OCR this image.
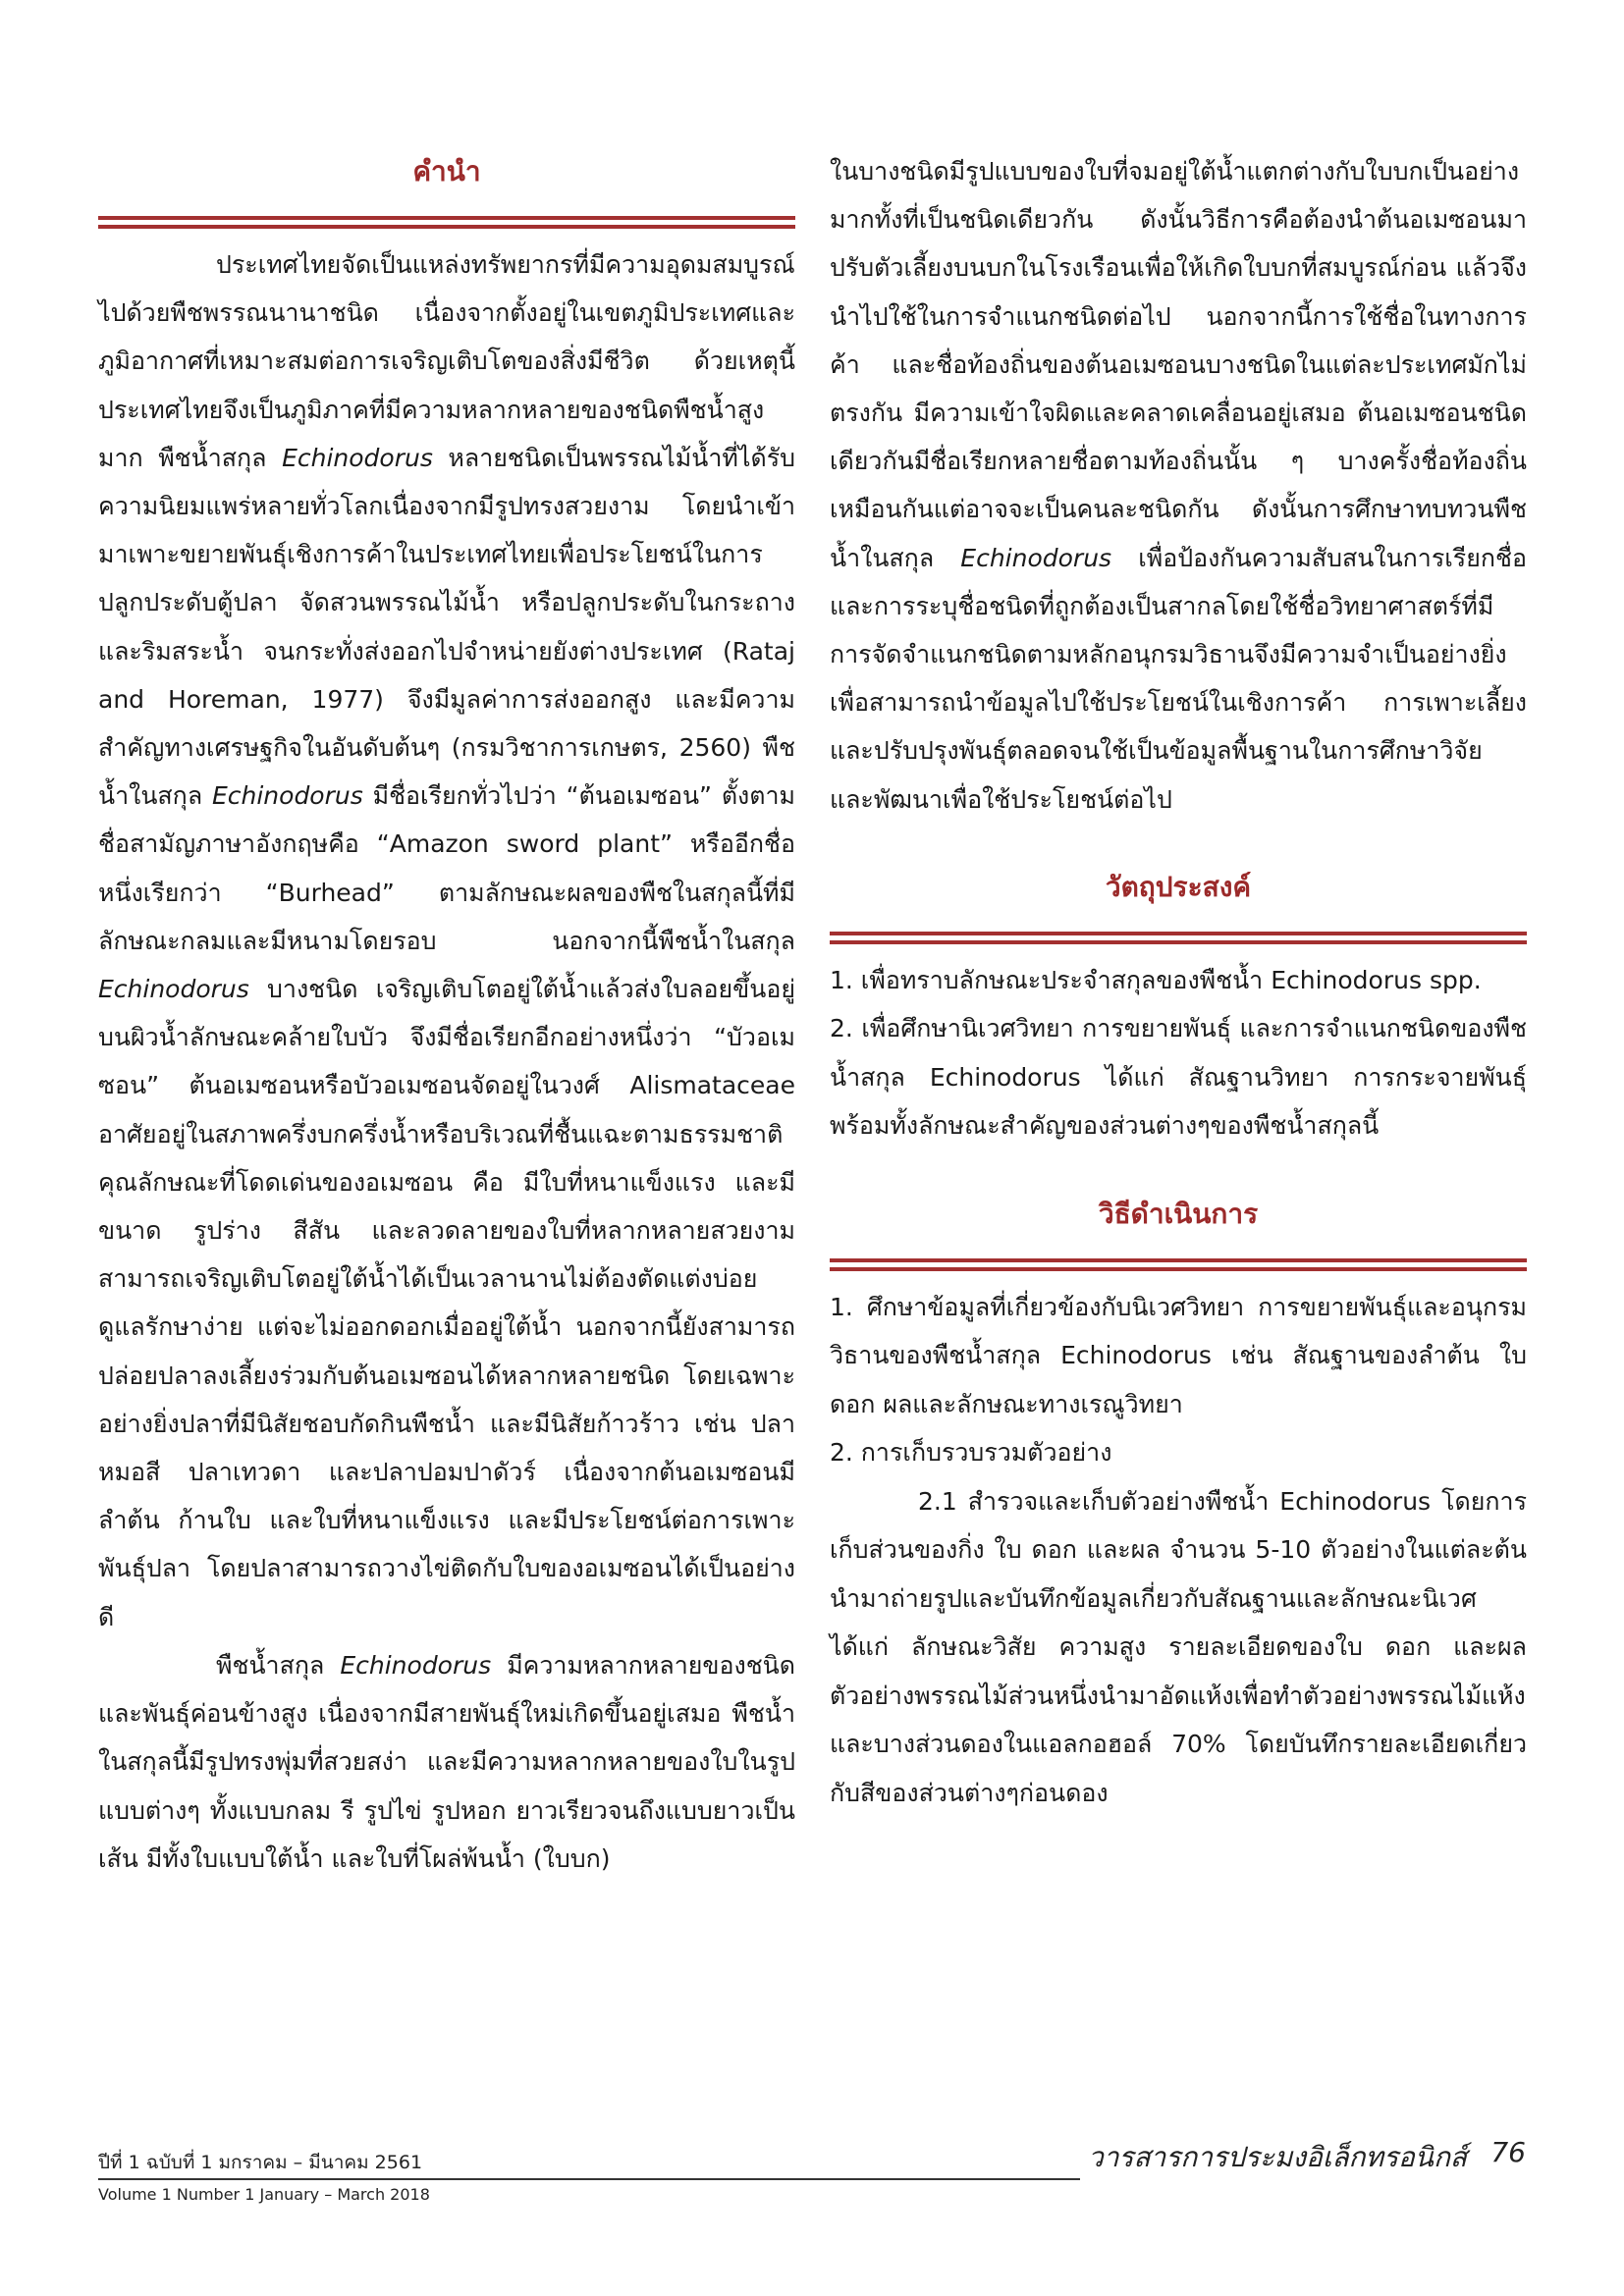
คำนำ

ประเทศไทยจัดเป็นแหล่งทรัพยากรที่มีความอุดมสมบูรณ์ไปด้วยพืชพรรณนานาชนิด เนื่องจากตั้งอยู่ในเขตภูมิประเทศและภูมิอากาศที่เหมาะสมต่อการเจริญเติบโตของสิ่งมีชีวิต ด้วยเหตุนี้ประเทศไทยจึงเป็นภูมิภาคที่มีความหลากหลายของชนิดพืชน้ำสูงมาก พืชน้ำสกุล Echinodorus หลายชนิดเป็นพรรณไม้น้ำที่ได้รับความนิยมแพร่หลายทั่วโลกเนื่องจากมีรูปทรงสวยงาม โดยนำเข้ามาเพาะขยายพันธุ์เชิงการค้าในประเทศไทยเพื่อประโยชน์ในการปลูกประดับตู้ปลา จัดสวนพรรณไม้น้ำ หรือปลูกประดับในกระถางและริมสระน้ำ จนกระทั่งส่งออกไปจำหน่ายยังต่างประเทศ (Rataj and Horeman, 1977) จึงมีมูลค่าการส่งออกสูง และมีความสำคัญทางเศรษฐกิจในอันดับต้นๆ (กรมวิชาการเกษตร, 2560) พืชน้ำในสกุล Echinodorus มีชื่อเรียกทั่วไปว่า “ต้นอเมซอน” ตั้งตามชื่อสามัญภาษาอังกฤษคือ “Amazon sword plant” หรืออีกชื่อหนึ่งเรียกว่า “Burhead” ตามลักษณะผลของพืชในสกุลนี้ที่มีลักษณะกลมและมีหนามโดยรอบ นอกจากนี้พืชน้ำในสกุล Echinodorus บางชนิด เจริญเติบโตอยู่ใต้น้ำแล้วส่งใบลอยขึ้นอยู่บนผิวน้ำลักษณะคล้ายใบบัว จึงมีชื่อเรียกอีกอย่างหนึ่งว่า “บัวอเมซอน” ต้นอเมซอนหรือบัวอเมซอนจัดอยู่ในวงศ์ Alismataceae อาศัยอยู่ในสภาพครึ่งบกครึ่งน้ำหรือบริเวณที่ชื้นแฉะตามธรรมชาติ คุณลักษณะที่โดดเด่นของอเมซอน คือ มีใบที่หนาแข็งแรง และมีขนาด รูปร่าง สีสัน และลวดลายของใบที่หลากหลายสวยงาม สามารถเจริญเติบโตอยู่ใต้น้ำได้เป็นเวลานานไม่ต้องตัดแต่งบ่อย ดูแลรักษาง่าย แต่จะไม่ออกดอกเมื่ออยู่ใต้น้ำ นอกจากนี้ยังสามารถปล่อยปลาลงเลี้ยงร่วมกับต้นอเมซอนได้หลากหลายชนิด โดยเฉพาะอย่างยิ่งปลาที่มีนิสัยชอบกัดกินพืชน้ำ และมีนิสัยก้าวร้าว เช่น ปลาหมอสี ปลาเทวดา และปลาปอมปาดัวร์ เนื่องจากต้นอเมซอนมีลำต้น ก้านใบ และใบที่หนาแข็งแรง และมีประโยชน์ต่อการเพาะพันธุ์ปลา โดยปลาสามารถวางไข่ติดกับใบของอเมซอนได้เป็นอย่างดี

พืชน้ำสกุล Echinodorus มีความหลากหลายของชนิดและพันธุ์ค่อนข้างสูง เนื่องจากมีสายพันธุ์ใหม่เกิดขึ้นอยู่เสมอ พืชน้ำในสกุลนี้มีรูปทรงพุ่มที่สวยสง่า และมีความหลากหลายของใบในรูปแบบต่างๆ ทั้งแบบกลม รี รูปไข่ รูปหอก ยาวเรียวจนถึงแบบยาวเป็นเส้น มีทั้งใบแบบใต้น้ำ และใบที่โผล่พ้นน้ำ (ใบบก)

ในบางชนิดมีรูปแบบของใบที่จมอยู่ใต้น้ำแตกต่างกับใบบกเป็นอย่างมากทั้งที่เป็นชนิดเดียวกัน ดังนั้นวิธีการคือต้องนำต้นอเมซอนมาปรับตัวเลี้ยงบนบกในโรงเรือนเพื่อให้เกิดใบบกที่สมบูรณ์ก่อน แล้วจึงนำไปใช้ในการจำแนกชนิดต่อไป นอกจากนี้การใช้ชื่อในทางการค้า และชื่อท้องถิ่นของต้นอเมซอนบางชนิดในแต่ละประเทศมักไม่ตรงกัน มีความเข้าใจผิดและคลาดเคลื่อนอยู่เสมอ ต้นอเมซอนชนิดเดียวกันมีชื่อเรียกหลายชื่อตามท้องถิ่นนั้น ๆ บางครั้งชื่อท้องถิ่นเหมือนกันแต่อาจจะเป็นคนละชนิดกัน ดังนั้นการศึกษาทบทวนพืชน้ำในสกุล Echinodorus เพื่อป้องกันความสับสนในการเรียกชื่อ และการระบุชื่อชนิดที่ถูกต้องเป็นสากลโดยใช้ชื่อวิทยาศาสตร์ที่มีการจัดจำแนกชนิดตามหลักอนุกรมวิธานจึงมีความจำเป็นอย่างยิ่ง เพื่อสามารถนำข้อมูลไปใช้ประโยชน์ในเชิงการค้า การเพาะเลี้ยงและปรับปรุงพันธุ์ตลอดจนใช้เป็นข้อมูลพื้นฐานในการศึกษาวิจัย และพัฒนาเพื่อใช้ประโยชน์ต่อไป

วัตถุประสงค์

1. เพื่อทราบลักษณะประจำสกุลของพืชน้ำ Echinodorus spp.

2. เพื่อศึกษานิเวศวิทยา การขยายพันธุ์ และการจำแนกชนิดของพืชน้ำสกุล Echinodorus ได้แก่ สัณฐานวิทยา การกระจายพันธุ์ พร้อมทั้งลักษณะสำคัญของส่วนต่างๆของพืชน้ำสกุลนี้

วิธีดำเนินการ

1. ศึกษาข้อมูลที่เกี่ยวข้องกับนิเวศวิทยา การขยายพันธุ์และอนุกรมวิธานของพืชน้ำสกุล Echinodorus เช่น สัณฐานของลำต้น ใบ ดอก ผลและลักษณะทางเรณูวิทยา

2. การเก็บรวบรวมตัวอย่าง

2.1 สำรวจและเก็บตัวอย่างพืชน้ำ Echinodorus โดยการเก็บส่วนของกิ่ง ใบ ดอก และผล จำนวน 5-10 ตัวอย่างในแต่ละต้นนำมาถ่ายรูปและบันทึกข้อมูลเกี่ยวกับสัณฐานและลักษณะนิเวศ ได้แก่ ลักษณะวิสัย ความสูง รายละเอียดของใบ ดอก และผล ตัวอย่างพรรณไม้ส่วนหนึ่งนำมาอัดแห้งเพื่อทำตัวอย่างพรรณไม้แห้งและบางส่วนดองในแอลกอฮอล์ 70% โดยบันทึกรายละเอียดเกี่ยวกับสีของส่วนต่างๆก่อนดอง

ปีที่ 1 ฉบับที่ 1 มกราคม – มีนาคม 2561
Volume 1 Number 1 January – March 2018
วารสารการประมงอิเล็กทรอนิกส์ 76
